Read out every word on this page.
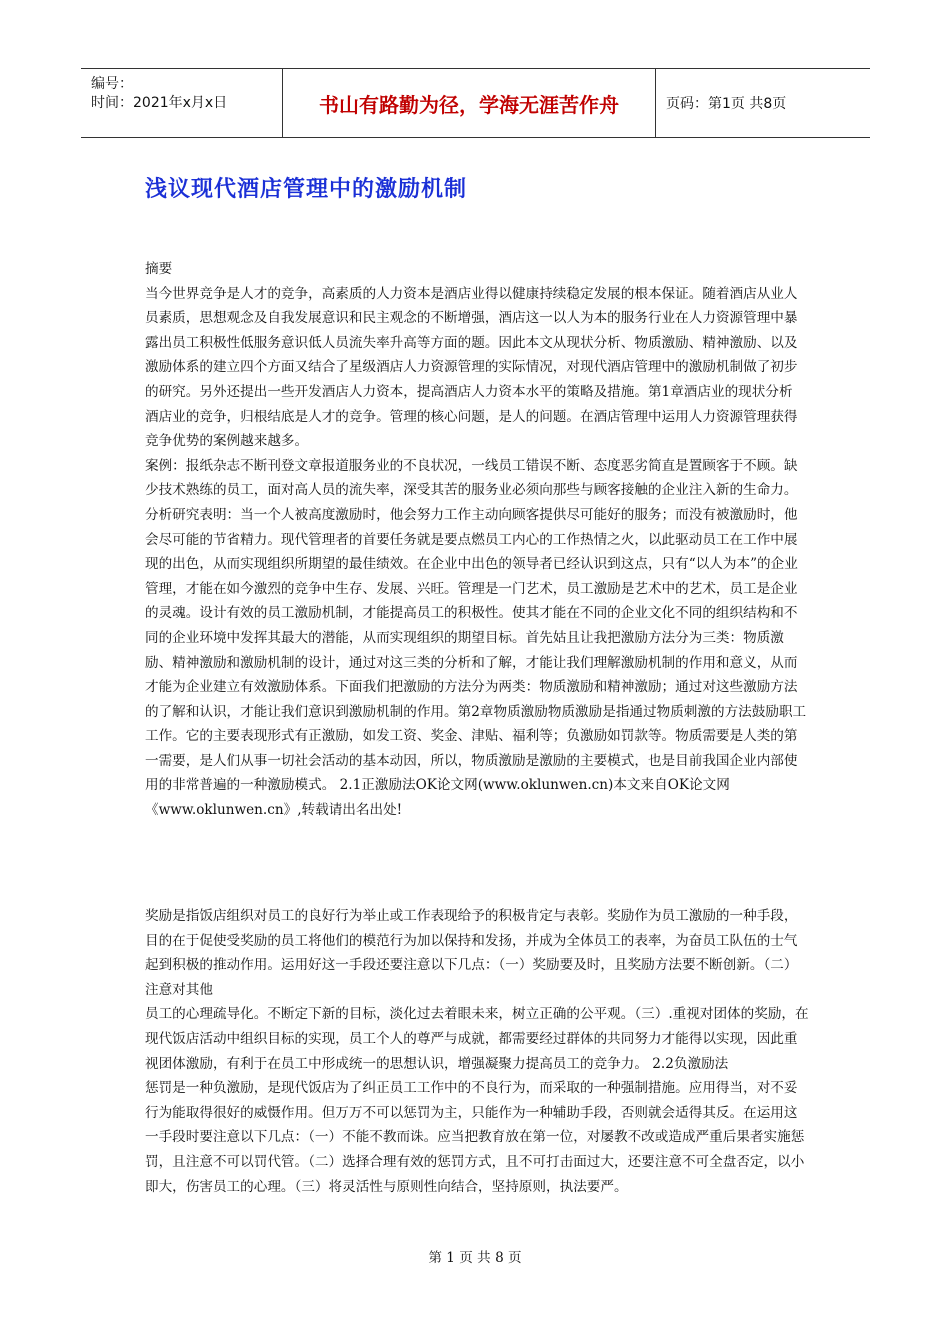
编号：
时间：2021年x月x日	书山有路勤为径，学海无涯苦作舟	页码：第1页 共8页
浅议现代酒店管理中的激励机制

摘要

当今世界竞争是人才的竞争，高素质的人力资本是酒店业得以健康持续稳定发展的根本保证。随着酒店从业人员素质，思想观念及自我发展意识和民主观念的不断增强，酒店这一以人为本的服务行业在人力资源管理中暴露出员工积极性低服务意识低人员流失率升高等方面的题。因此本文从现状分析、物质激励、精神激励、以及激励体系的建立四个方面又结合了星级酒店人力资源管理的实际情况，对现代酒店管理中的激励机制做了初步的研究。另外还提出一些开发酒店人力资本，提高酒店人力资本水平的策略及措施。第1章酒店业的现状分析

酒店业的竞争，归根结底是人才的竞争。管理的核心问题，是人的问题。在酒店管理中运用人力资源管理获得竞争优势的案例越来越多。

案例：报纸杂志不断刊登文章报道服务业的不良状况，一线员工错误不断、态度恶劣简直是置顾客于不顾。缺少技术熟练的员工，面对高人员的流失率，深受其苦的服务业必须向那些与顾客接触的企业注入新的生命力。分析研究表明：当一个人被高度激励时，他会努力工作主动向顾客提供尽可能好的服务；而没有被激励时，他会尽可能的节省精力。现代管理者的首要任务就是要点燃员工内心的工作热情之火，以此驱动员工在工作中展现的出色，从而实现组织所期望的最佳绩效。在企业中出色的领导者已经认识到这点，只有“以人为本”的企业管理，才能在如今激烈的竞争中生存、发展、兴旺。管理是一门艺术，员工激励是艺术中的艺术，员工是企业的灵魂。设计有效的员工激励机制，才能提高员工的积极性。使其才能在不同的企业文化不同的组织结构和不同的企业环境中发挥其最大的潜能，从而实现组织的期望目标。首先姑且让我把激励方法分为三类：物质激励、精神激励和激励机制的设计，通过对这三类的分析和了解，才能让我们理解激励机制的作用和意义，从而才能为企业建立有效激励体系。下面我们把激励的方法分为两类：物质激励和精神激励；通过对这些激励方法的了解和认识，才能让我们意识到激励机制的作用。第2章物质激励物质激励是指通过物质刺激的方法鼓励职工工作。它的主要表现形式有正激励，如发工资、奖金、津贴、福利等；负激励如罚款等。物质需要是人类的第一需要，是人们从事一切社会活动的基本动因，所以，物质激励是激励的主要模式，也是目前我国企业内部使用的非常普遍的一种激励模式。 2.1正激励法OK论文网(www.oklunwen.cn)本文来自OK论文网《www.oklunwen.cn》,转载请出名出处!

奖励是指饭店组织对员工的良好行为举止或工作表现给予的积极肯定与表彰。奖励作为员工激励的一种手段，目的在于促使受奖励的员工将他们的模范行为加以保持和发扬，并成为全体员工的表率，为奋员工队伍的士气起到积极的推动作用。运用好这一手段还要注意以下几点：（一）奖励要及时，且奖励方法要不断创新。（二）注意对其他

员工的心理疏导化。不断定下新的目标，淡化过去着眼未来，树立正确的公平观。（三）.重视对团体的奖励，在现代饭店活动中组织目标的实现，员工个人的尊严与成就，都需要经过群体的共同努力才能得以实现，因此重视团体激励，有利于在员工中形成统一的思想认识，增强凝聚力提高员工的竞争力。 2.2负激励法

惩罚是一种负激励，是现代饭店为了纠正员工工作中的不良行为，而采取的一种强制措施。应用得当，对不妥行为能取得很好的威慑作用。但万万不可以惩罚为主，只能作为一种辅助手段，否则就会适得其反。在运用这一手段时要注意以下几点：（一）不能不教而诛。应当把教育放在第一位，对屡教不改或造成严重后果者实施惩罚，且注意不可以罚代管。（二）选择合理有效的惩罚方式，且不可打击面过大，还要注意不可全盘否定，以小即大，伤害员工的心理。（三）将灵活性与原则性向结合，坚持原则，执法要严。

第 1 页 共 8 页
